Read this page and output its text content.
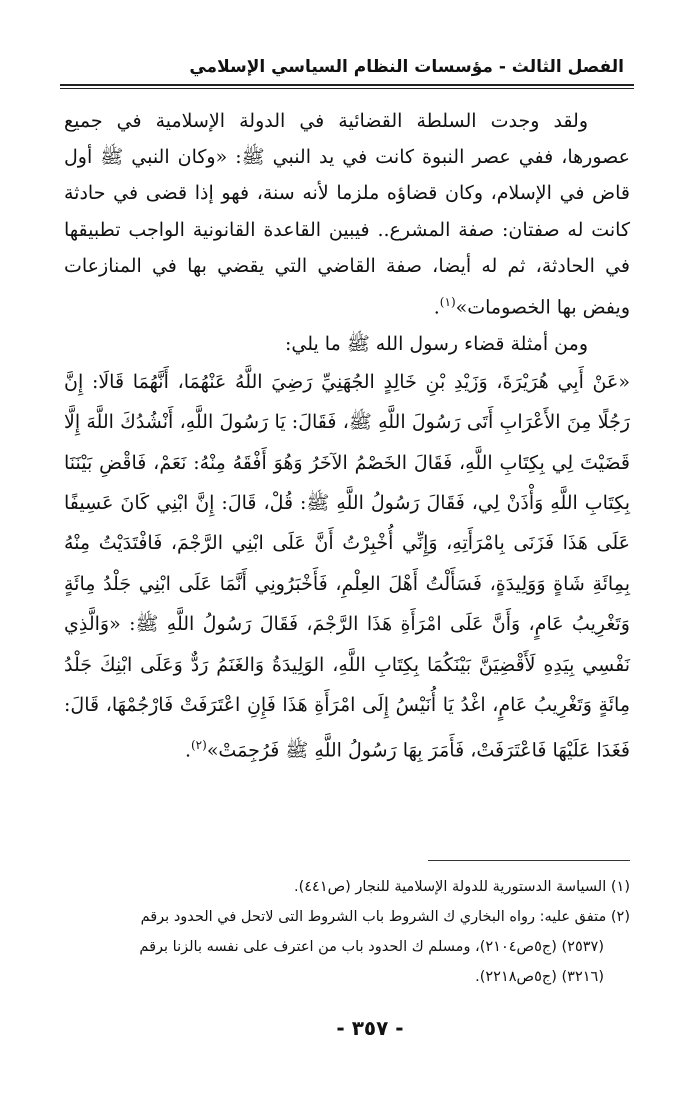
الفصل الثالث - مؤسسات النظام السياسي الإسلامي

ولقد وجدت السلطة القضائية في الدولة الإسلامية في جميع عصورها، ففي عصر النبوة كانت في يد النبي ﷺ: «وكان النبي ﷺ أول قاض في الإسلام، وكان قضاؤه ملزما لأنه سنة، فهو إذا قضى في حادثة كانت له صفتان: صفة المشرع.. فيبين القاعدة القانونية الواجب تطبيقها في الحادثة، ثم له أيضا، صفة القاضي التي يقضي بها في المنازعات ويفض بها الخصومات»$^{(١)}$.

ومن أمثلة قضاء رسول الله ﷺ ما يلي:

«عَنْ أَبِي هُرَيْرَةَ، وَزَيْدِ بْنِ خَالِدٍ الجُهَنِيِّ رَضِيَ اللَّهُ عَنْهُمَا، أَنَّهُمَا قَالَا: إِنَّ رَجُلًا مِنَ الأَعْرَابِ أَتَى رَسُولَ اللَّهِ ﷺ، فَقَالَ: يَا رَسُولَ اللَّهِ، أَنْشُدُكَ اللَّهَ إِلَّا قَضَيْتَ لِي بِكِتَابِ اللَّهِ، فَقَالَ الخَصْمُ الآخَرُ وَهُوَ أَفْقَهُ مِنْهُ: نَعَمْ، فَاقْضِ بَيْنَنَا بِكِتَابِ اللَّهِ وَأْذَنْ لِي، فَقَالَ رَسُولُ اللَّهِ ﷺ: قُلْ، قَالَ: إِنَّ ابْنِي كَانَ عَسِيفًا عَلَى هَذَا فَزَنَى بِامْرَأَتِهِ، وَإِنِّي أُخْبِرْتُ أَنَّ عَلَى ابْنِي الرَّجْمَ، فَافْتَدَيْتُ مِنْهُ بِمِائَةِ شَاةٍ وَوَلِيدَةٍ، فَسَأَلْتُ أَهْلَ العِلْمِ، فَأَخْبَرُونِي أَنَّمَا عَلَى ابْنِي جَلْدُ مِائَةٍ وَتَغْرِيبُ عَامٍ، وَأَنَّ عَلَى امْرَأَةِ هَذَا الرَّجْمَ، فَقَالَ رَسُولُ اللَّهِ ﷺ: «وَالَّذِي نَفْسِي بِيَدِهِ لَأَقْضِيَنَّ بَيْنَكُمَا بِكِتَابِ اللَّهِ، الوَلِيدَةُ وَالغَنَمُ رَدٌّ وَعَلَى ابْنِكَ جَلْدُ مِائَةٍ وَتَغْرِيبُ عَامٍ، اغْدُ يَا أُنَيْسُ إِلَى امْرَأَةِ هَذَا فَإِنِ اعْتَرَفَتْ فَارْجُمْهَا، قَالَ: فَغَدَا عَلَيْهَا فَاعْتَرَفَتْ، فَأَمَرَ بِهَا رَسُولُ اللَّهِ ﷺ فَرُجِمَتْ»$^{(٢)}$.

(١) السياسة الدستورية للدولة الإسلامية للنجار (ص٤٤١).

(٢) متفق عليه: رواه البخاري ك الشروط باب الشروط التى لاتحل في الحدود برقم

(٢٥٣٧) (ج٥ص٢١٠٤)، ومسلم ك الحدود باب من اعترف على نفسه بالزنا برقم

(٣٢١٦) (ج٥ص٢٢١٨).

- ٣٥٧ -
